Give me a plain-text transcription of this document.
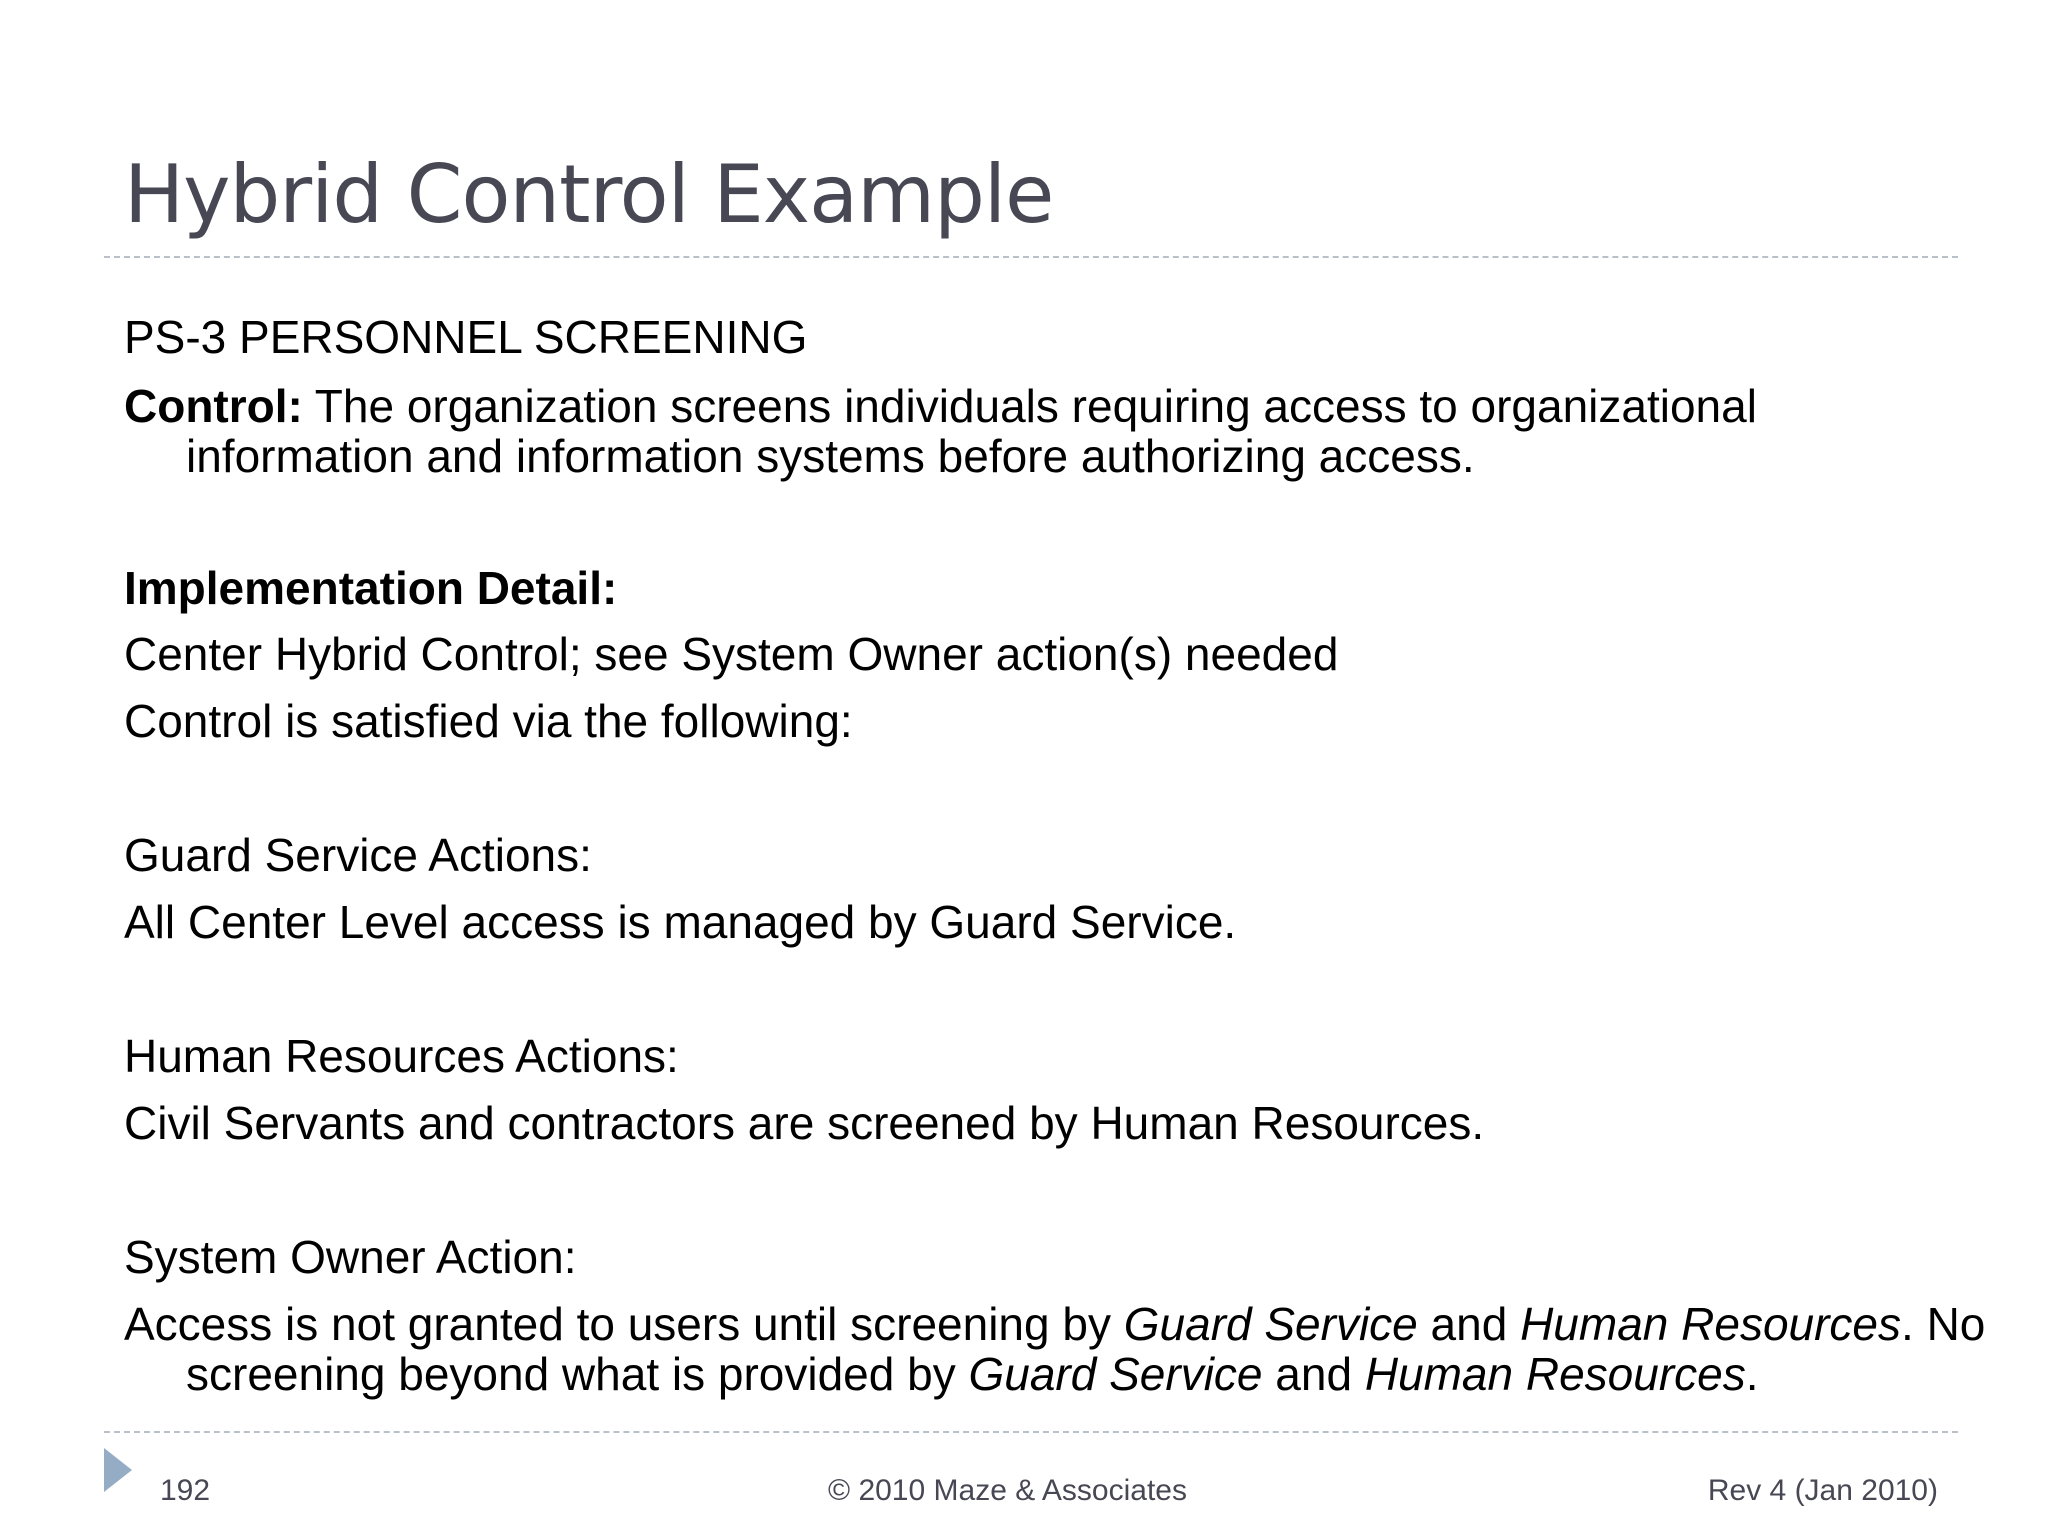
Hybrid Control Example

PS-3 PERSONNEL SCREENING

Control: The organization screens individuals requiring access to organizational information and information systems before authorizing access.

Implementation Detail:

Center Hybrid Control; see System Owner action(s) needed

Control is satisfied via the following:

Guard Service Actions:

All Center Level access is managed by Guard Service.

Human Resources Actions:

Civil Servants and contractors are screened by Human Resources.

System Owner Action:

Access is not granted to users until screening by Guard Service and Human Resources. No screening beyond what is provided by Guard Service and Human Resources.

192	© 2010 Maze & Associates	Rev 4 (Jan 2010)
